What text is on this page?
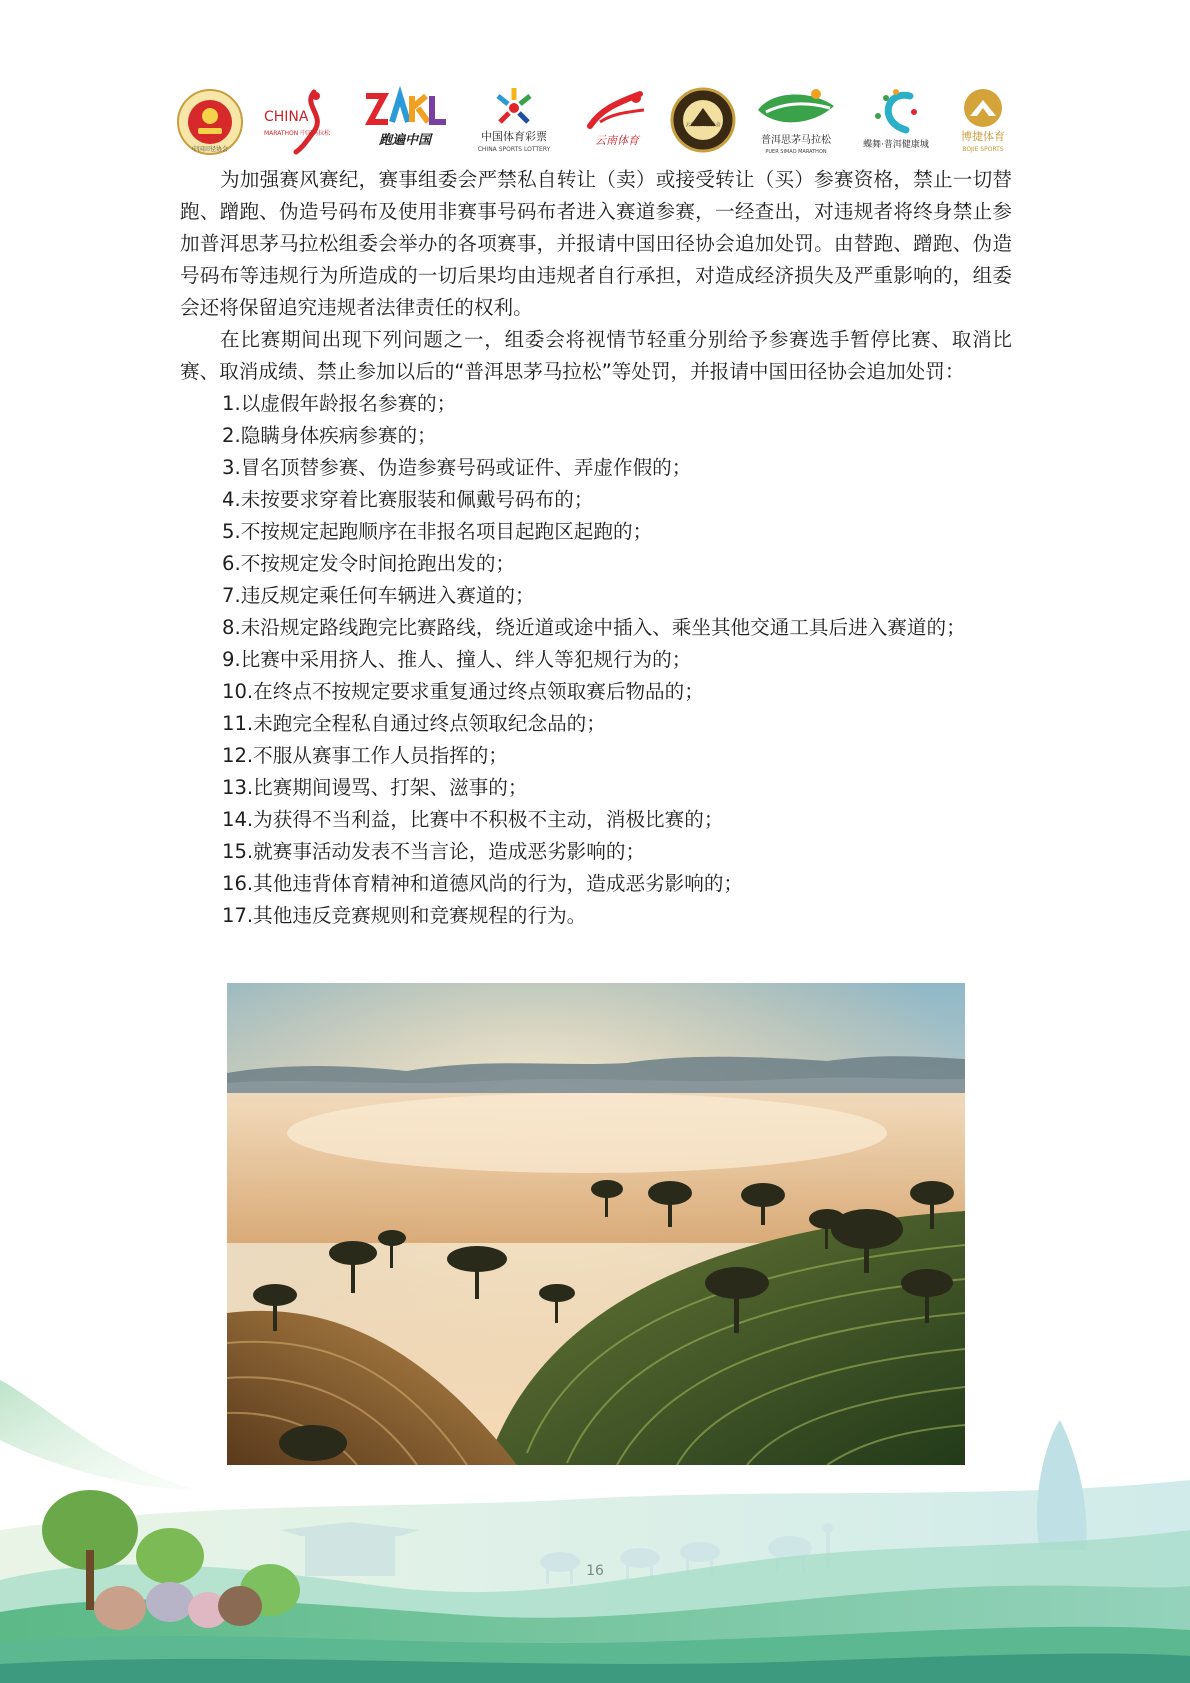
中国田径协会
CHINA
MARATHON 中国马拉松	跑遍中国	中国体育彩票
CHINA SPORTS LOTTERY
云南体育
云南省田径协会
普洱思茅马拉松
PUER SIMAO MARATHON
蝶舞·普洱健康城
博捷体育
BOJIE SPORTS

为加强赛风赛纪，赛事组委会严禁私自转让（卖）或接受转让（买）参赛资格，禁止一切替跑、蹭跑、伪造号码布及使用非赛事号码布者进入赛道参赛，一经查出，对违规者将终身禁止参加普洱思茅马拉松组委会举办的各项赛事，并报请中国田径协会追加处罚。由替跑、蹭跑、伪造号码布等违规行为所造成的一切后果均由违规者自行承担，对造成经济损失及严重影响的，组委会还将保留追究违规者法律责任的权利。

在比赛期间出现下列问题之一，组委会将视情节轻重分别给予参赛选手暂停比赛、取消比赛、取消成绩、禁止参加以后的“普洱思茅马拉松”等处罚，并报请中国田径协会追加处罚：

1.以虚假年龄报名参赛的；
2.隐瞒身体疾病参赛的；
3.冒名顶替参赛、伪造参赛号码或证件、弄虚作假的；
4.未按要求穿着比赛服装和佩戴号码布的；
5.不按规定起跑顺序在非报名项目起跑区起跑的；
6.不按规定发令时间抢跑出发的；
7.违反规定乘任何车辆进入赛道的；
8.未沿规定路线跑完比赛路线，绕近道或途中插入、乘坐其他交通工具后进入赛道的；
9.比赛中采用挤人、推人、撞人、绊人等犯规行为的；
10.在终点不按规定要求重复通过终点领取赛后物品的；
11.未跑完全程私自通过终点领取纪念品的；
12.不服从赛事工作人员指挥的；
13.比赛期间谩骂、打架、滋事的；
14.为获得不当利益，比赛中不积极不主动，消极比赛的；
15.就赛事活动发表不当言论，造成恶劣影响的；
16.其他违背体育精神和道德风尚的行为，造成恶劣影响的；
17.其他违反竞赛规则和竞赛规程的行为。
16
